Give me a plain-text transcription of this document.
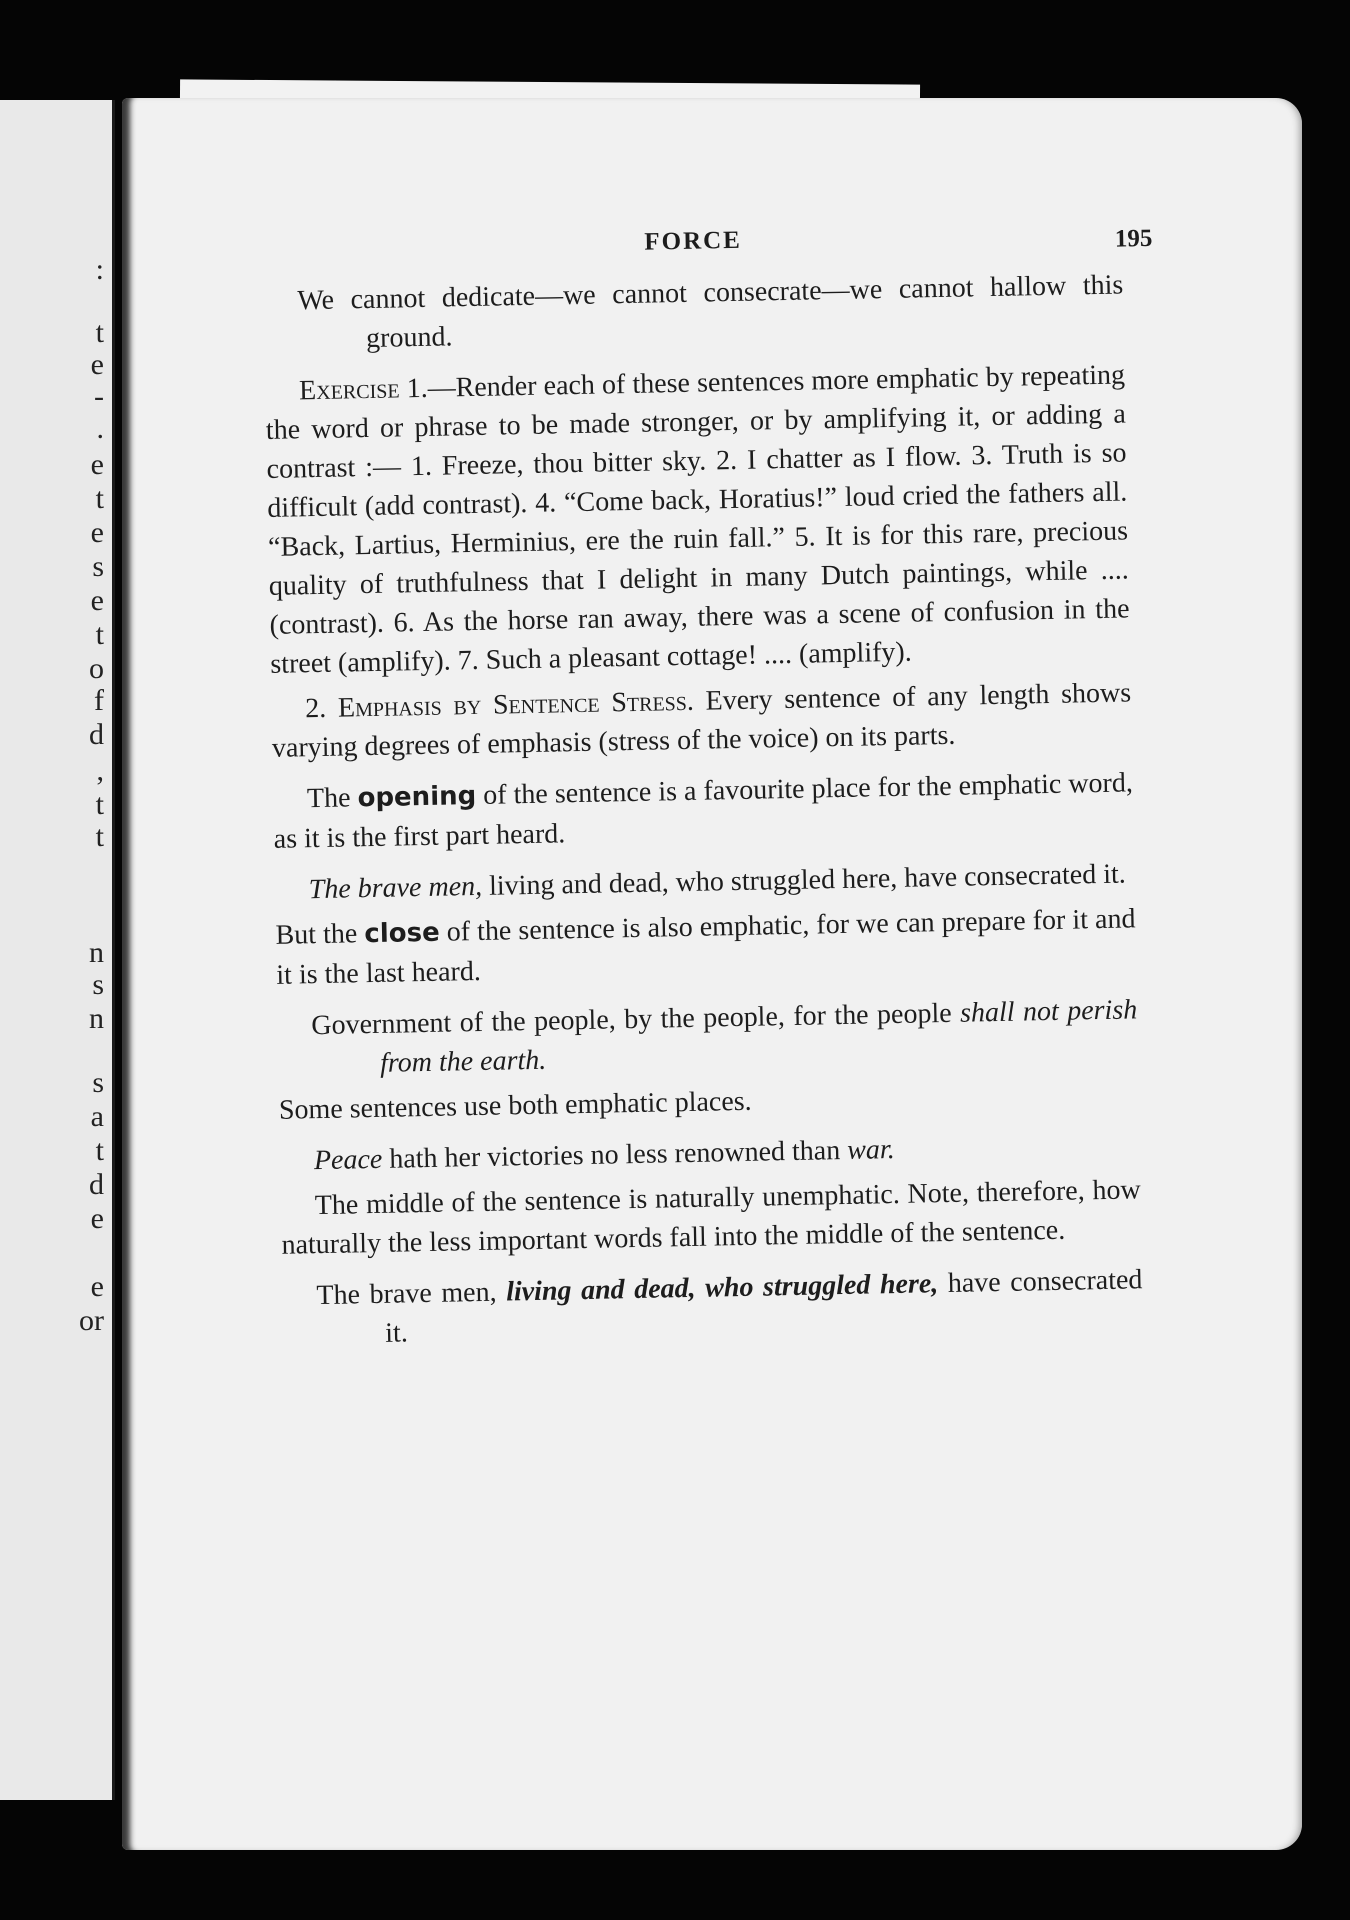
:
t
e
-
.
e
t
e
s
e
t
o
f
d
,
t
t
n
s
n
s
a
t
d
e
e
or
FORCE	195

We cannot dedicate—we cannot consecrate—we cannot hallow this ground.

Exercise 1.—Render each of these sentences more emphatic by repeating the word or phrase to be made stronger, or by amplifying it, or adding a contrast :— 1. Freeze, thou bitter sky. 2. I chatter as I flow. 3. Truth is so difficult (add contrast). 4. “Come back, Horatius!” loud cried the fathers all. “Back, Lartius, Herminius, ere the ruin fall.” 5. It is for this rare, precious quality of truthfulness that I delight in many Dutch paintings, while .... (contrast). 6. As the horse ran away, there was a scene of confusion in the street (amplify). 7. Such a pleasant cottage! .... (amplify).

2. Emphasis by Sentence Stress. Every sentence of any length shows varying degrees of emphasis (stress of the voice) on its parts.

The opening of the sentence is a favourite place for the emphatic word, as it is the first part heard.

The brave men, living and dead, who struggled here, have consecrated it.

But the close of the sentence is also emphatic, for we can prepare for it and it is the last heard.

Government of the people, by the people, for the people shall not perish from the earth.

Some sentences use both emphatic places.

Peace hath her victories no less renowned than war.

The middle of the sentence is naturally unemphatic. Note, therefore, how naturally the less important words fall into the middle of the sentence.

The brave men, living and dead, who struggled here, have consecrated it.
